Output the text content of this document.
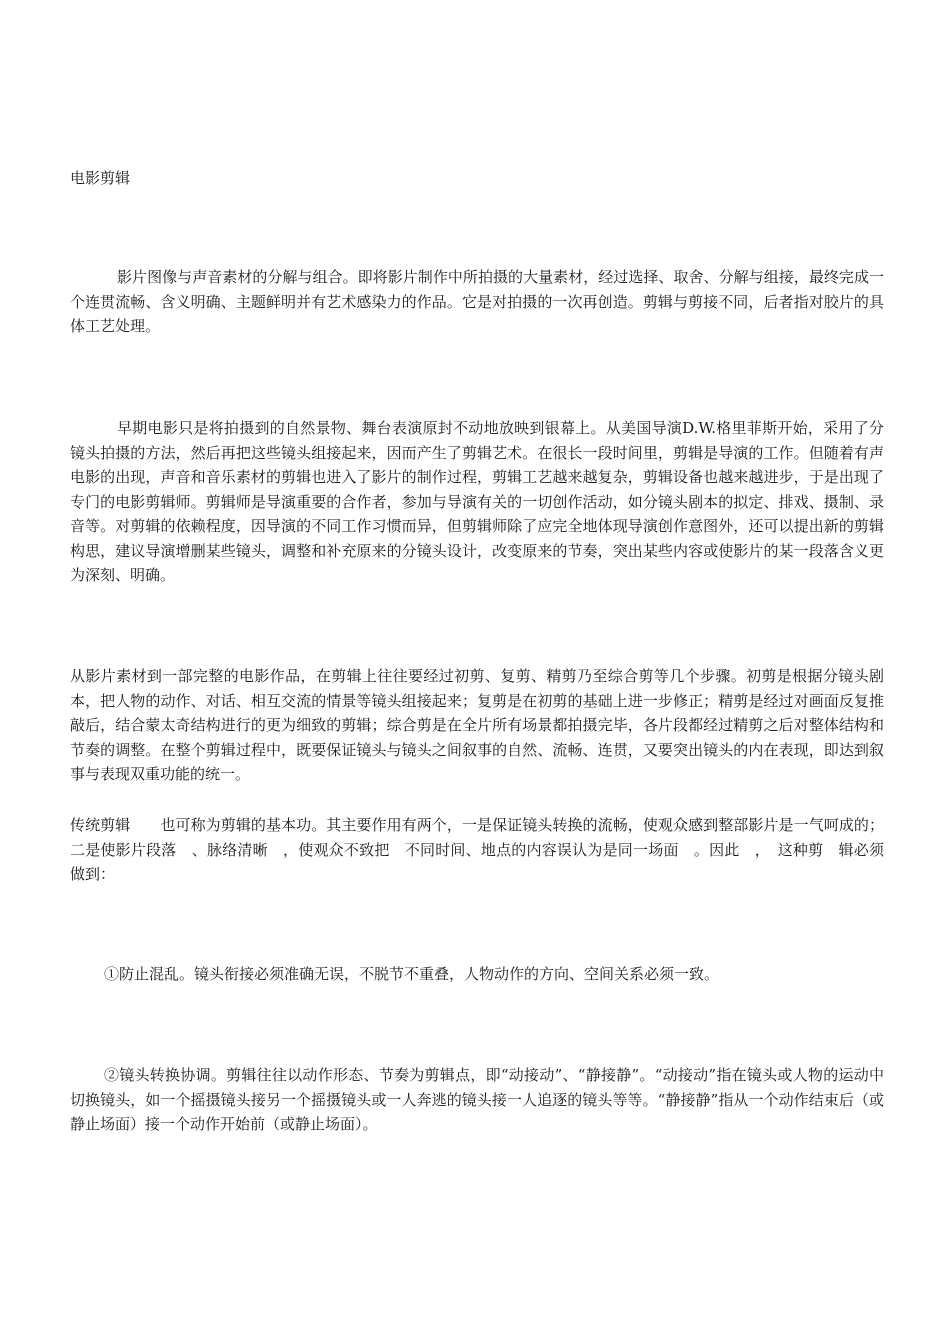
电影剪辑

影片图像与声音素材的分解与组合。即将影片制作中所拍摄的大量素材，经过选择、取舍、分解与组接，最终完成一个连贯流畅、含义明确、主题鲜明并有艺术感染力的作品。它是对拍摄的一次再创造。剪辑与剪接不同，后者指对胶片的具体工艺处理。

早期电影只是将拍摄到的自然景物、舞台表演原封不动地放映到银幕上。从美国导演D.W.格里菲斯开始，采用了分镜头拍摄的方法，然后再把这些镜头组接起来，因而产生了剪辑艺术。在很长一段时间里，剪辑是导演的工作。但随着有声电影的出现，声音和音乐素材的剪辑也进入了影片的制作过程，剪辑工艺越来越复杂，剪辑设备也越来越进步，于是出现了专门的电影剪辑师。剪辑师是导演重要的合作者，参加与导演有关的一切创作活动，如分镜头剧本的拟定、排戏、摄制、录音等。对剪辑的依赖程度，因导演的不同工作习惯而异，但剪辑师除了应完全地体现导演创作意图外，还可以提出新的剪辑构思，建议导演增删某些镜头，调整和补充原来的分镜头设计，改变原来的节奏，突出某些内容或使影片的某一段落含义更为深刻、明确。

从影片素材到一部完整的电影作品，在剪辑上往往要经过初剪、复剪、精剪乃至综合剪等几个步骤。初剪是根据分镜头剧本，把人物的动作、对话、相互交流的情景等镜头组接起来；复剪是在初剪的基础上进一步修正；精剪是经过对画面反复推敲后，结合蒙太奇结构进行的更为细致的剪辑；综合剪是在全片所有场景都拍摄完毕，各片段都经过精剪之后对整体结构和节奏的调整。在整个剪辑过程中，既要保证镜头与镜头之间叙事的自然、流畅、连贯，又要突出镜头的内在表现，即达到叙事与表现双重功能的统一。

传统剪辑　　也可称为剪辑的基本功。其主要作用有两个，一是保证镜头转换的流畅，使观众感到整部影片是一气呵成的；二是使影片段落　、脉络清晰　，使观众不致把　不同时间、地点的内容误认为是同一场面　。因此　，　这种剪　辑必须做到：

①防止混乱。镜头衔接必须准确无误，不脱节不重叠，人物动作的方向、空间关系必须一致。

②镜头转换协调。剪辑往往以动作形态、节奏为剪辑点，即“动接动”、“静接静”。“动接动”指在镜头或人物的运动中切换镜头，如一个摇摄镜头接另一个摇摄镜头或一人奔逃的镜头接一人追逐的镜头等等。“静接静”指从一个动作结束后（或静止场面）接一个动作开始前（或静止场面）。
